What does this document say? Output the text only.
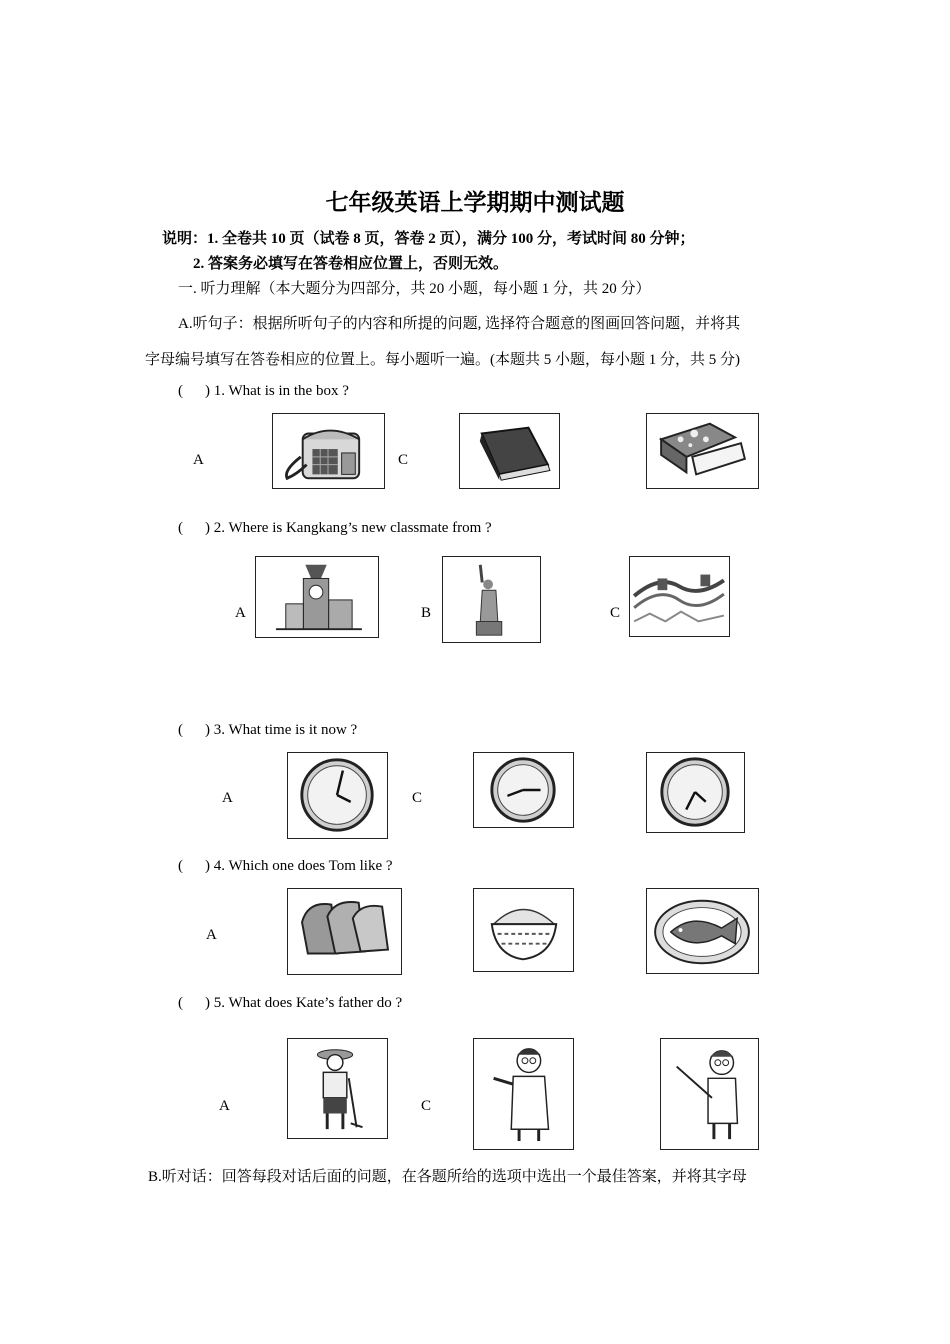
七年级英语上学期期中测试题
说明：1. 全卷共 10 页（试卷 8 页，答卷 2 页），满分 100 分，考试时间 80 分钟；
2. 答案务必填写在答卷相应位置上，否则无效。
一. 听力理解（本大题分为四部分，共 20 小题，每小题 1 分，共 20 分）
A.听句子：根据所听句子的内容和所提的问题, 选择符合题意的图画回答问题，并将其
字母编号填写在答卷相应的位置上。每小题听一遍。(本题共 5 小题，每小题 1 分，共 5 分)
( ) 1. What is in the box ?
A	C
( ) 2. Where is Kangkang’s new classmate from ?
A	B	C
( ) 3. What time is it now ?
A	C
( ) 4. Which one does Tom like ?
A
( ) 5. What does Kate’s father do ?
A	C
B.听对话：回答每段对话后面的问题，在各题所给的选项中选出一个最佳答案，并将其字母
